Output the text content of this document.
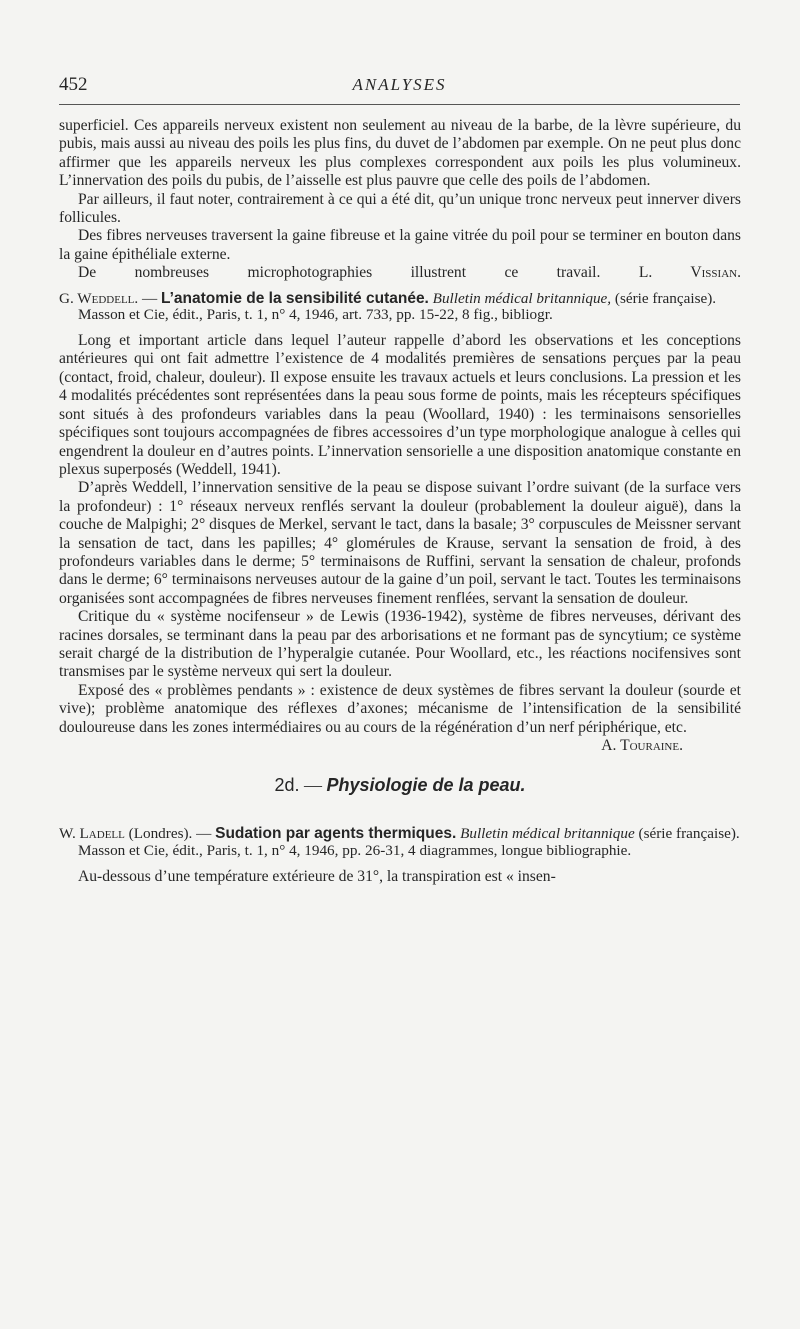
452	ANALYSES

superficiel. Ces appareils nerveux existent non seulement au niveau de la barbe, de la lèvre supérieure, du pubis, mais aussi au niveau des poils les plus fins, du duvet de l’abdomen par exemple. On ne peut plus donc affirmer que les appareils nerveux les plus complexes correspondent aux poils les plus volumineux. L’innervation des poils du pubis, de l’aisselle est plus pauvre que celle des poils de l’abdomen.

Par ailleurs, il faut noter, contrairement à ce qui a été dit, qu’un unique tronc nerveux peut innerver divers follicules.

Des fibres nerveuses traversent la gaine fibreuse et la gaine vitrée du poil pour se terminer en bouton dans la gaine épithéliale externe.

De nombreuses microphotographies illustrent ce travail. L. Vissian.

G. Weddell. — L’anatomie de la sensibilité cutanée. Bulletin médical britannique, (série française). Masson et Cie, édit., Paris, t. 1, n° 4, 1946, art. 733, pp. 15-22, 8 fig., bibliogr.

Long et important article dans lequel l’auteur rappelle d’abord les observations et les conceptions antérieures qui ont fait admettre l’existence de 4 modalités premières de sensations perçues par la peau (contact, froid, chaleur, douleur). Il expose ensuite les travaux actuels et leurs conclusions. La pression et les 4 modalités précédentes sont représentées dans la peau sous forme de points, mais les récepteurs spécifiques sont situés à des profondeurs variables dans la peau (Woollard, 1940) : les terminaisons sensorielles spécifiques sont toujours accompagnées de fibres accessoires d’un type morphologique analogue à celles qui engendrent la douleur en d’autres points. L’innervation sensorielle a une disposition anatomique constante en plexus superposés (Weddell, 1941).

D’après Weddell, l’innervation sensitive de la peau se dispose suivant l’ordre suivant (de la surface vers la profondeur) : 1° réseaux nerveux renflés servant la douleur (probablement la douleur aiguë), dans la couche de Malpighi; 2° disques de Merkel, servant le tact, dans la basale; 3° corpuscules de Meissner servant la sensation de tact, dans les papilles; 4° glomérules de Krause, servant la sensation de froid, à des profondeurs variables dans le derme; 5° terminaisons de Ruffini, servant la sensation de chaleur, profonds dans le derme; 6° terminaisons nerveuses autour de la gaine d’un poil, servant le tact. Toutes les terminaisons organisées sont accompagnées de fibres nerveuses finement renflées, servant la sensation de douleur.

Critique du « système nocifenseur » de Lewis (1936-1942), système de fibres nerveuses, dérivant des racines dorsales, se terminant dans la peau par des arborisations et ne formant pas de syncytium; ce système serait chargé de la distribution de l’hyperalgie cutanée. Pour Woollard, etc., les réactions nocifensives sont transmises par le système nerveux qui sert la douleur.

Exposé des « problèmes pendants » : existence de deux systèmes de fibres servant la douleur (sourde et vive); problème anatomique des réflexes d’axones; mécanisme de l’intensification de la sensibilité douloureuse dans les zones intermédiaires ou au cours de la régénération d’un nerf périphérique, etc.

A. Touraine.
2d. — Physiologie de la peau.

W. Ladell (Londres). — Sudation par agents thermiques. Bulletin médical britannique (série française). Masson et Cie, édit., Paris, t. 1, n° 4, 1946, pp. 26-31, 4 diagrammes, longue bibliographie.

Au-dessous d’une température extérieure de 31°, la transpiration est « insen-
